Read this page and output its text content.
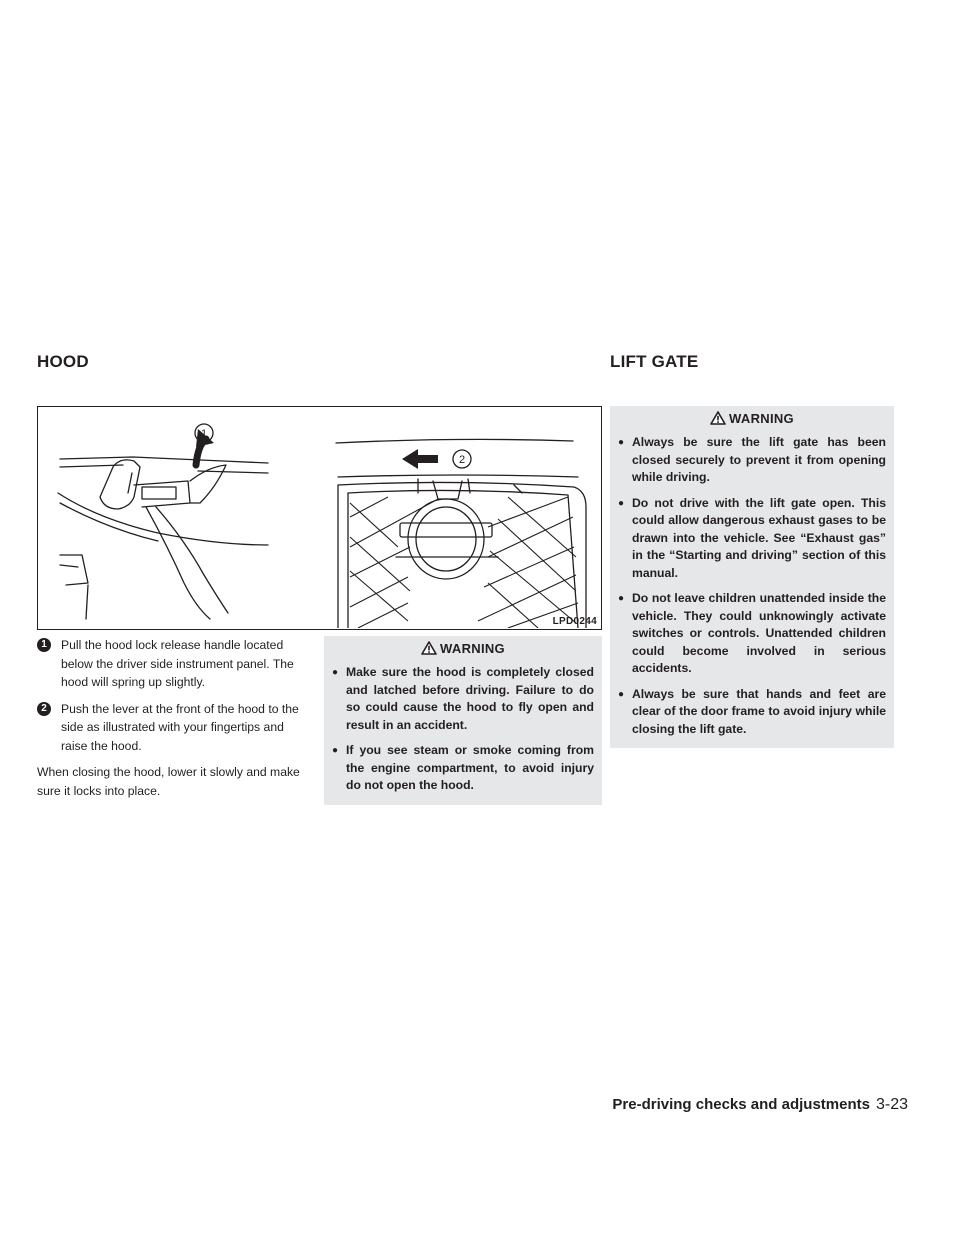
HOOD	LIFT GATE
1
2
LPD0244
1	Pull the hood lock release handle located below the driver side instrument panel. The hood will spring up slightly.
2	Push the lever at the front of the hood to the side as illustrated with your fingertips and raise the hood.
When closing the hood, lower it slowly and make sure it locks into place.
WARNING
● Make sure the hood is completely closed and latched before driving. Failure to do so could cause the hood to fly open and result in an accident.
● If you see steam or smoke coming from the engine compartment, to avoid injury do not open the hood.
WARNING
● Always be sure the lift gate has been closed securely to prevent it from opening while driving.
● Do not drive with the lift gate open. This could allow dangerous exhaust gases to be drawn into the vehicle. See “Exhaust gas” in the “Starting and driving” section of this manual.
● Do not leave children unattended inside the vehicle. They could unknowingly activate switches or controls. Unattended children could become involved in serious accidents.
● Always be sure that hands and feet are clear of the door frame to avoid injury while closing the lift gate.
Pre-driving checks and adjustments 3-23
